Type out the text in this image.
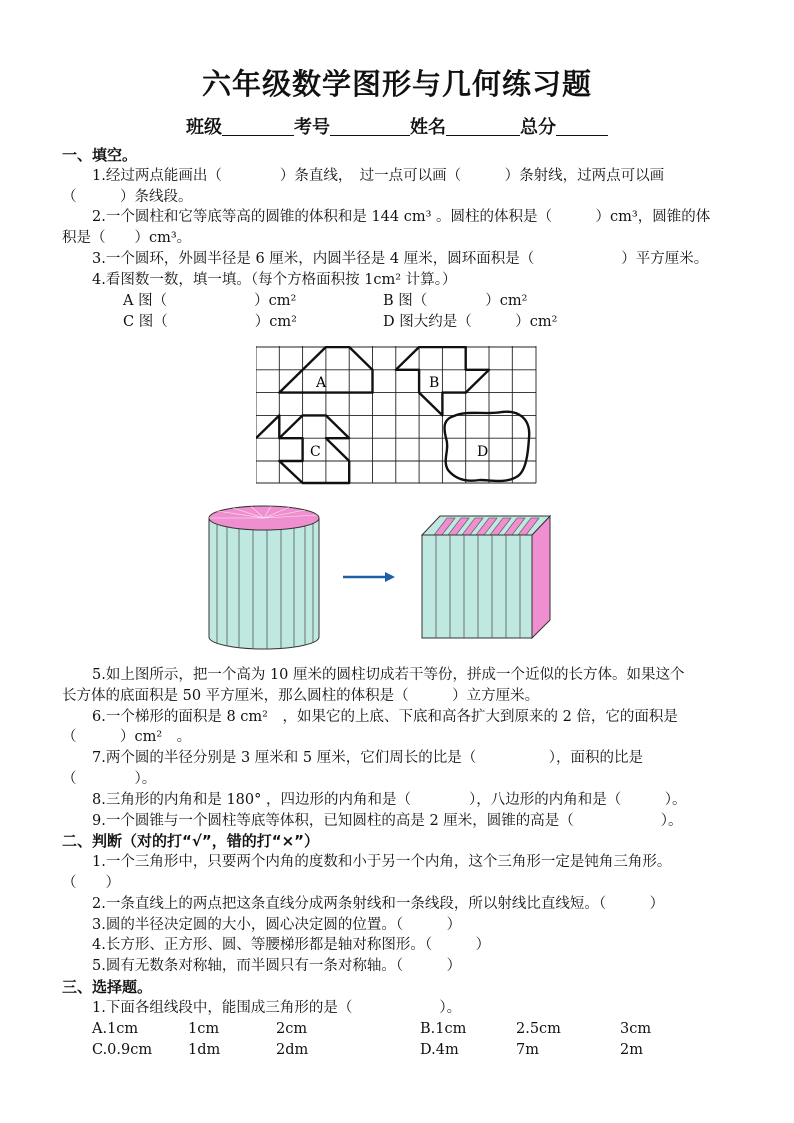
六年级数学图形与几何练习题
班级	考号	姓名	总分
一、填空。
1.经过两点能画出（　　　　）条直线，　过一点可以画（　　　）条射线，过两点可以画
（　　　）条线段。
2.一个圆柱和它等底等高的圆锥的体积和是 144 cm³ 。圆柱的体积是（　　　）cm³，圆锥的体
积是（　　）cm³。
3.一个圆环，外圆半径是 6 厘米，内圆半径是 4 厘米，圆环面积是（　　　　　　）平方厘米。
4.看图数一数，填一填。（每个方格面积按 1cm² 计算。）
A 图（　　　　　　）cm²	B 图（　　　　）cm²
C 图（　　　　　　）cm²	D 图大约是（　　　）cm²
A	B
C	D
5.如上图所示，把一个高为 10 厘米的圆柱切成若干等份，拼成一个近似的长方体。如果这个
长方体的底面积是 50 平方厘米，那么圆柱的体积是（　　　）立方厘米。
6.一个梯形的面积是 8 cm²　，如果它的上底、下底和高各扩大到原来的 2 倍，它的面积是
（　　　）cm²　。
7.两个圆的半径分别是 3 厘米和 5 厘米，它们周长的比是（　　　　　），面积的比是
（　　　　）。
8.三角形的内角和是 180° ，四边形的内角和是（　　　　），八边形的内角和是（　　　）。
9.一个圆锥与一个圆柱等底等体积，已知圆柱的高是 2 厘米，圆锥的高是（　　　　　　）。
二、判断（对的打“√”，错的打“×”）
1.一个三角形中，只要两个内角的度数和小于另一个内角，这个三角形一定是钝角三角形。
（　　）
2.一条直线上的两点把这条直线分成两条射线和一条线段，所以射线比直线短。（　　　）
3.圆的半径决定圆的大小，圆心决定圆的位置。（　　　）
4.长方形、正方形、圆、等腰梯形都是轴对称图形。（　　　）
5.圆有无数条对称轴，而半圆只有一条对称轴。（　　　）
三、选择题。
1.下面各组线段中，能围成三角形的是（　　　　　　）。
A.1cm	1cm	2cm	B.1cm	2.5cm	3cm
C.0.9cm 1dm	2dm	D.4m	7m	2m
